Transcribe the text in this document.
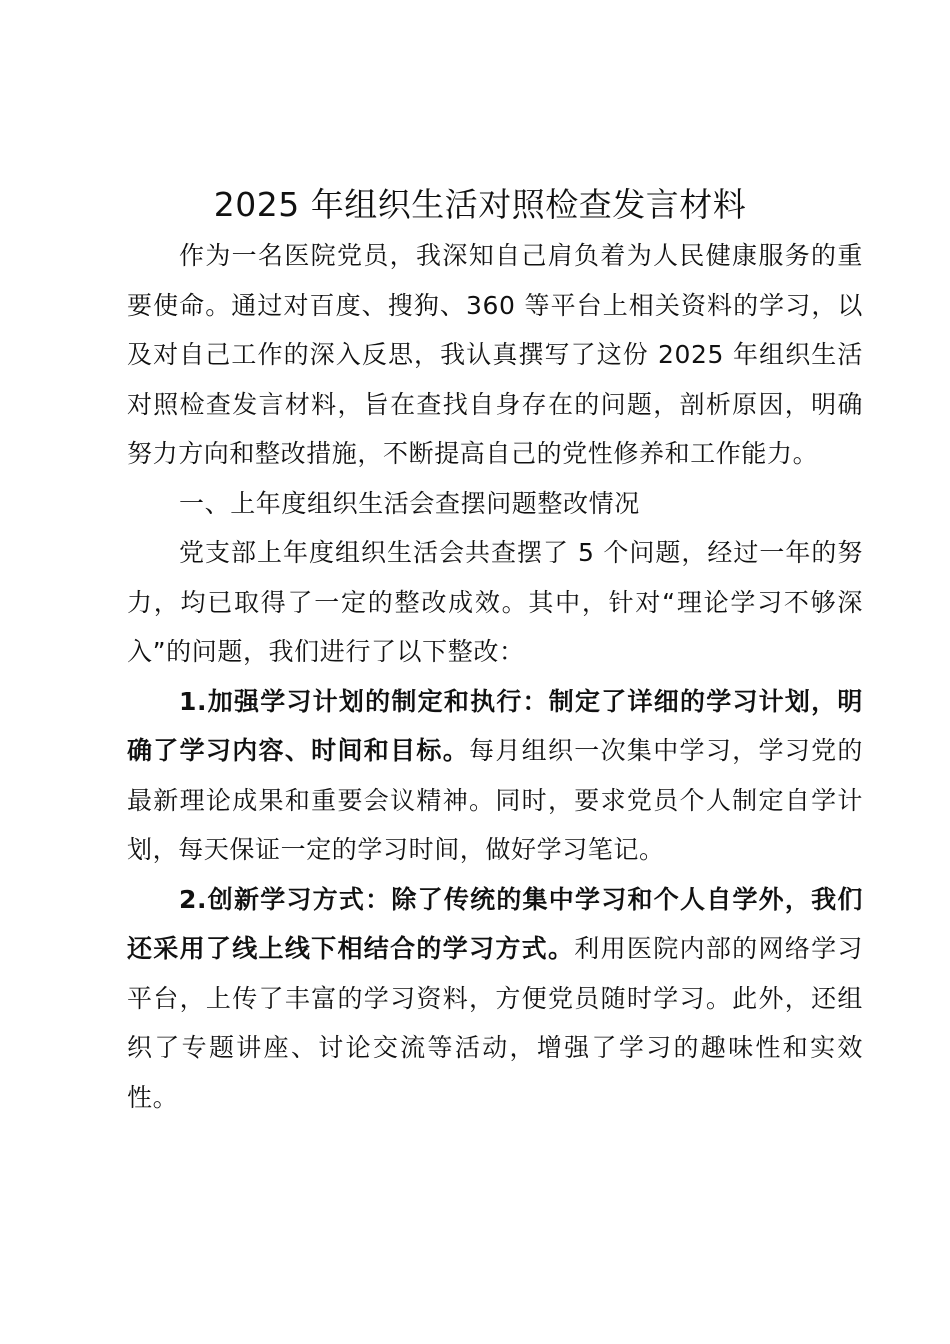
2025 年组织生活对照检查发言材料

作为一名医院党员，我深知自己肩负着为人民健康服务的重要使命。通过对百度、搜狗、360 等平台上相关资料的学习，以及对自己工作的深入反思，我认真撰写了这份 2025 年组织生活对照检查发言材料，旨在查找自身存在的问题，剖析原因，明确努力方向和整改措施，不断提高自己的党性修养和工作能力。

一、上年度组织生活会查摆问题整改情况

党支部上年度组织生活会共查摆了 5 个问题，经过一年的努力，均已取得了一定的整改成效。其中，针对“理论学习不够深入”的问题，我们进行了以下整改：

1.加强学习计划的制定和执行：制定了详细的学习计划，明确了学习内容、时间和目标。每月组织一次集中学习，学习党的最新理论成果和重要会议精神。同时，要求党员个人制定自学计划，每天保证一定的学习时间，做好学习笔记。

2.创新学习方式：除了传统的集中学习和个人自学外，我们还采用了线上线下相结合的学习方式。利用医院内部的网络学习平台，上传了丰富的学习资料，方便党员随时学习。此外，还组织了专题讲座、讨论交流等活动，增强了学习的趣味性和实效性。
